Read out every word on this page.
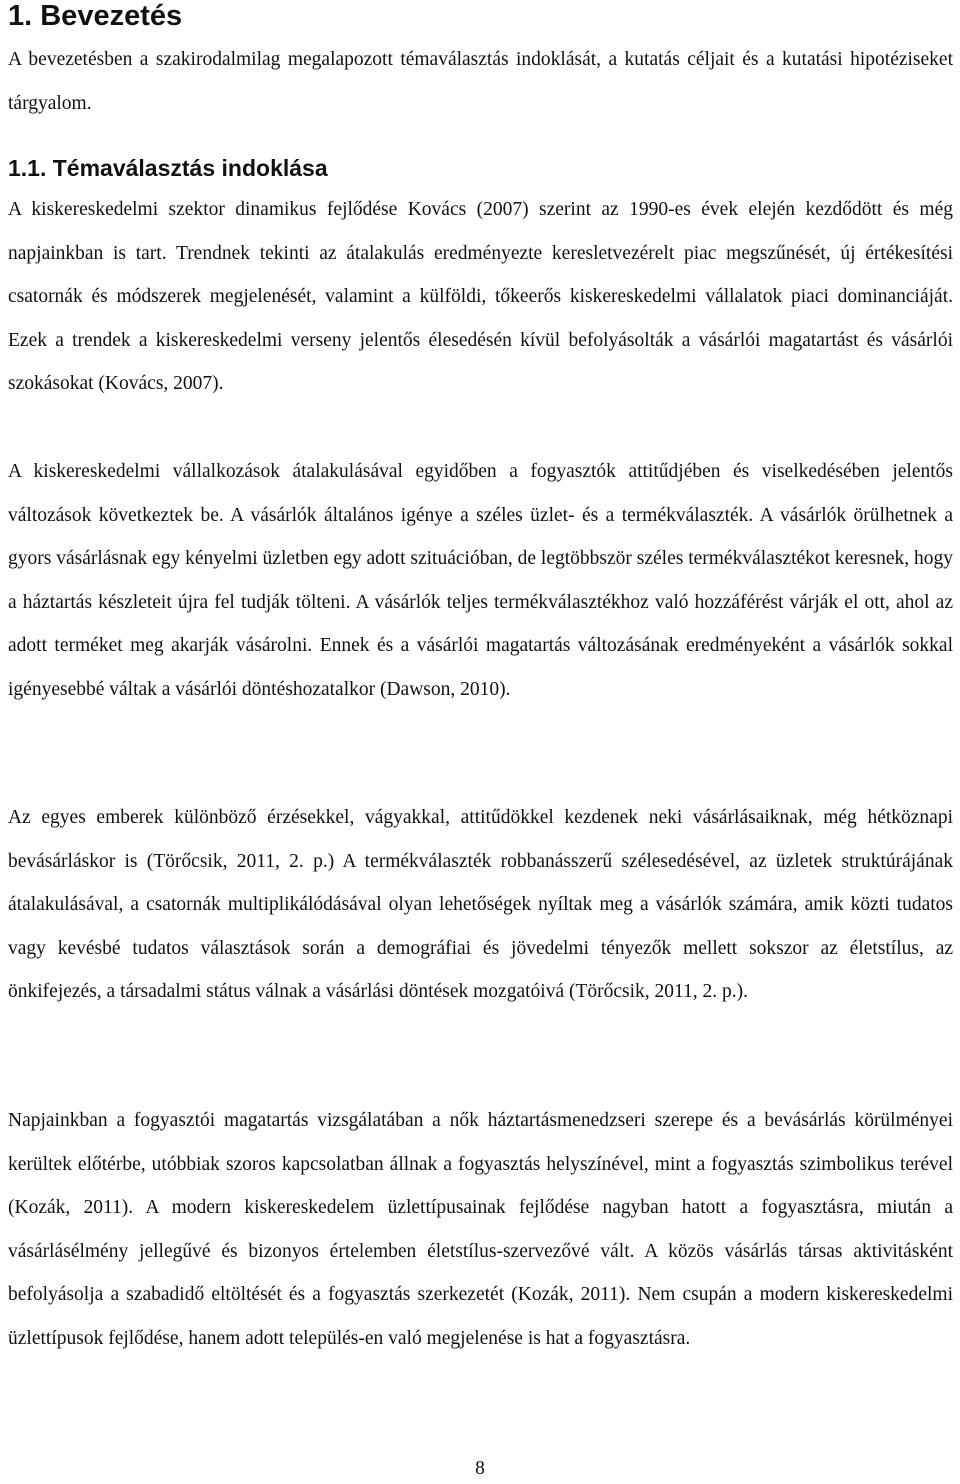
1. Bevezetés

A bevezetésben a szakirodalmilag megalapozott témaválasztás indoklását, a kutatás céljait és a kutatási hipotéziseket tárgyalom.

1.1. Témaválasztás indoklása

A kiskereskedelmi szektor dinamikus fejlődése Kovács (2007) szerint az 1990-es évek elején kezdődött és még napjainkban is tart. Trendnek tekinti az átalakulás eredményezte keresletvezérelt piac megszűnését, új értékesítési csatornák és módszerek megjelenését, valamint a külföldi, tőkeerős kiskereskedelmi vállalatok piaci dominanciáját. Ezek a trendek a kiskereskedelmi verseny jelentős élesedésén kívül befolyásolták a vásárlói magatartást és vásárlói szokásokat (Kovács, 2007).

A kiskereskedelmi vállalkozások átalakulásával egyidőben a fogyasztók attitűdjében és viselkedésében jelentős változások következtek be. A vásárlók általános igénye a széles üzlet- és a termékválaszték. A vásárlók örülhetnek a gyors vásárlásnak egy kényelmi üzletben egy adott szituációban, de legtöbbször széles termékválasztékot keresnek, hogy a háztartás készleteit újra fel tudják tölteni. A vásárlók teljes termékválasztékhoz való hozzáférést várják el ott, ahol az adott terméket meg akarják vásárolni. Ennek és a vásárlói magatartás változásának eredményeként a vásárlók sokkal igényesebbé váltak a vásárlói döntéshozatalkor (Dawson, 2010).

Az egyes emberek különböző érzésekkel, vágyakkal, attitűdökkel kezdenek neki vásárlásaiknak, még hétköznapi bevásárláskor is (Törőcsik, 2011, 2. p.) A termékválaszték robbanásszerű szélesedésével, az üzletek struktúrájának átalakulásával, a csatornák multiplikálódásával olyan lehetőségek nyíltak meg a vásárlók számára, amik közti tudatos vagy kevésbé tudatos választások során a demográfiai és jövedelmi tényezők mellett sokszor az életstílus, az önkifejezés, a társadalmi státus válnak a vásárlási döntések mozgatóivá (Törőcsik, 2011, 2. p.).

Napjainkban a fogyasztói magatartás vizsgálatában a nők háztartásmenedzseri szerepe és a bevásárlás körülményei kerültek előtérbe, utóbbiak szoros kapcsolatban állnak a fogyasztás helyszínével, mint a fogyasztás szimbolikus terével (Kozák, 2011). A modern kiskereskedelem üzlettípusainak fejlődése nagyban hatott a fogyasztásra, miután a vásárlásélmény jellegűvé és bizonyos értelemben életstílus-szervezővé vált. A közös vásárlás társas aktivitásként befolyásolja a szabadidő eltöltését és a fogyasztás szerkezetét (Kozák, 2011). Nem csupán a modern kiskereskedelmi üzlettípusok fejlődése, hanem adott település-en való megjelenése is hat a fogyasztásra.

8
